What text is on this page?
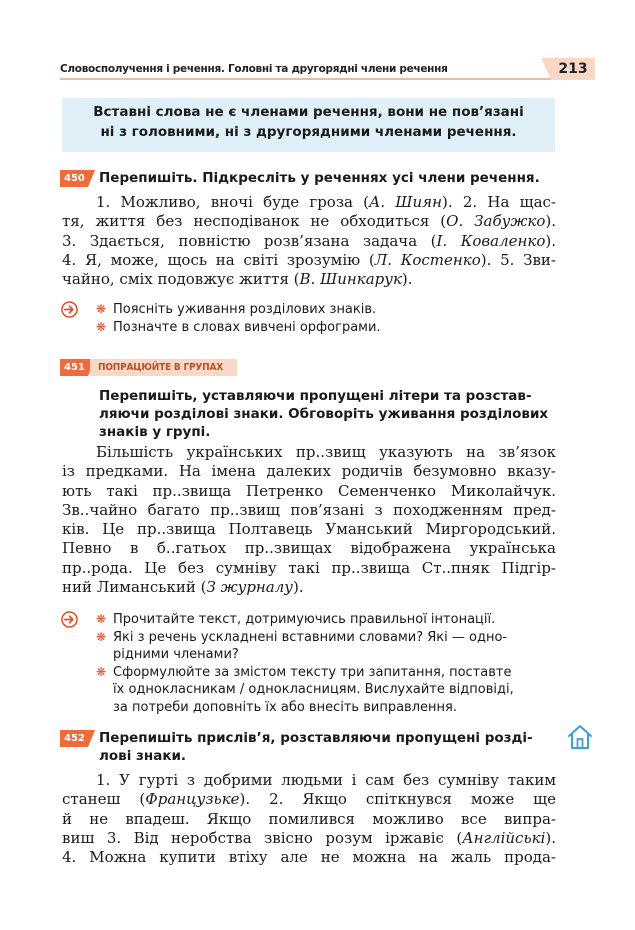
Словосполучення і речення. Головні та другорядні члени речення	213
Вставні слова не є членами речення, вони не пов’язані
ні з головними, ні з другорядними членами речення.
450 Перепишіть. Підкресліть у реченнях усі члени речення.
1. Можливо, вночі буде гроза (А. Шиян). 2. На щас-
тя, життя без несподіванок не обходиться (О. Забужко).
3. Здається, повністю розв’язана задача (І. Коваленко).
4. Я, може, щось на світі зрозумію (Л. Костенко). 5. Зви-
чайно, сміх подовжує життя (В. Шинкарук).
❋ Поясніть уживання розділових знаків.
❋ Позначте в словах вивчені орфограми.
451	ПОПРАЦЮЙТЕ В ГРУПАХ
Перепишіть, уставляючи пропущені літери та розстав-
ляючи розділові знаки. Обговоріть уживання розділових
знаків у групі.
Більшість українських пр..звищ указують на зв’язок
із предками. На імена далеких родичів безумовно вказу-
ють такі пр..звища Петренко Семенченко Миколайчук.
Зв..чайно багато пр..звищ пов’язані з походженням пред-
ків. Це пр..звища Полтавець Уманський Миргородський.
Певно в б..гатьох пр..звищах відображена українська
пр..рода. Це без сумніву такі пр..звища Ст..пняк Підгір-
ний Лиманський (З журналу).
❋ Прочитайте текст, дотримуючись правильної інтонації.
❋ Які з речень ускладнені вставними словами? Які — одно-
рідними членами?
❋ Сформулюйте за змістом тексту три запитання, поставте
їх однокласникам / однокласницям. Вислухайте відповіді,
за потреби доповніть їх або внесіть виправлення.
452 Перепишіть прислів’я, розставляючи пропущені розді-
лові знаки.
1. У гурті з добрими людьми і сам без сумніву таким
станеш (Французьке). 2. Якщо спіткнувся може ще
й не впадеш. Якщо помилився можливо все випра-
виш 3. Від неробства звісно розум іржавіє (Англійські).
4. Можна купити втіху але не можна на жаль прода-
